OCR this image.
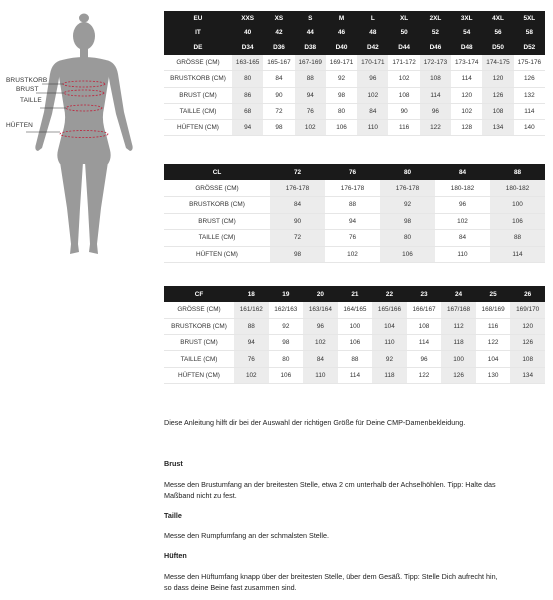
BRUSTKORB
BRUST
TAILLE
HÜFTEN
EU	XXS	XS	S	M	L	XL	2XL	3XL	4XL	5XL
IT	40	42	44	46	48	50	52	54	56	58
DE	D34	D36	D38	D40	D42	D44	D46	D48	D50	D52
GRÖSSE (CM)	163-165	165-167	167-169	169-171	170-171	171-172	172-173	173-174	174-175	175-176
BRUSTKORB (CM)	80	84	88	92	96	102	108	114	120	126
BRUST (CM)	86	90	94	98	102	108	114	120	126	132
TAILLE (CM)	68	72	76	80	84	90	96	102	108	114
HÜFTEN (CM)	94	98	102	106	110	116	122	128	134	140
CL	72	76	80	84	88
GRÖSSE (CM)	176-178	176-178	176-178	180-182	180-182
BRUSTKORB (CM)	84	88	92	96	100
BRUST (CM)	90	94	98	102	106
TAILLE (CM)	72	76	80	84	88
HÜFTEN (CM)	98	102	106	110	114
CF	18	19	20	21	22	23	24	25	26
GRÖSSE (CM)	161/162	162/163	163/164	164/165	165/166	166/167	167/168	168/169	169/170
BRUSTKORB (CM)	88	92	96	100	104	108	112	116	120
BRUST (CM)	94	98	102	106	110	114	118	122	126
TAILLE (CM)	76	80	84	88	92	96	100	104	108
HÜFTEN (CM)	102	106	110	114	118	122	126	130	134
Diese Anleitung hilft dir bei der Auswahl der richtigen Größe für Deine CMP-Damenbekleidung.
Brust
Messe den Brustumfang an der breitesten Stelle, etwa 2 cm unterhalb der Achselhöhlen. Tipp: Halte das
Maßband nicht zu fest.
Taille
Messe den Rumpfumfang an der schmalsten Stelle.
Hüften
Messe den Hüftumfang knapp über der breitesten Stelle, über dem Gesäß. Tipp: Stelle Dich aufrecht hin,
so dass deine Beine fast zusammen sind.
